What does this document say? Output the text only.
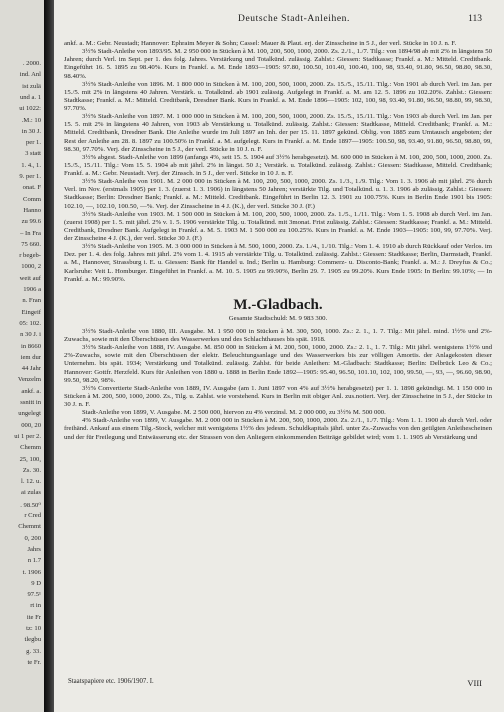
. 2000.
ind. Anl
ist zulä
und a. 1
ui 1022:
.M.: 10
in 30 J.
per 1.
3 statt
1. 4., 1.
9. per 1.
onat. F
Comm
Hanno
zu 99.6
– In Fra
75 660.
r begeb-
1000, 2
weit auf
1906 a
n. Fran
Eingeif
05: 102.
n 30 J. i
in 8660
iem dur
44 Jahr
Venzelm
ankf. a.
ssnitt in
ungelegt
000, 20
ui 1 per 2.
Chemm
25, 100,
Zs. 30.
l. 12. u.
ai zulas
. 98.50⁰
r Cred
Chemmt
0, 200
Jahrs
n 1.7
t. 1906
9 D
97.5¹
rt in
ite Fr
tz: 10
tlegbu
g. 33.
te Fr.
Deutsche Stadt-Anleihen.	113

ankf. a. M.: Gebr. Neustadt; Hannover: Ephraim Meyer & Sohn; Cassel: Mauer & Plaut. erj. der Zinsscheine in 5 J., der verl. Stücke in 10 J. n. F.

3½% Stadt-Anleihe von 1893/95. M. 2 950 000 in Stücken à M. 100, 200, 500, 1000, 2000. Zs. 2./1., 1./7. Tilg.: von 1894/98 ab mit 2% in längstens 50 Jahren; durch Verl. im Sept. per 1. des folg. Jahres. Verstärkung und Totalkünd. zulässig. Zahlst.: Giessen: Stadtkasse; Frankf. a. M.: Mitteld. Creditbank. Eingeführt 16. 5. 1895 zu 98.40%. Kurs in Frankf. a. M. Ende 1893—1905: 97.80, 100.50, 101.40, 100.40, 100, 98, 93.40, 91.80, 96.50, 98.80, 98.30, 98.40%.

3½% Stadt-Anleihe von 1896. M. 1 800 000 in Stücken à M. 100, 200, 500, 1000, 2000. Zs. 15./5., 15./11. Tilg.: Von 1901 ab durch Verl. im Jan. per 15./5. mit 2% in längstens 40 Jahren. Verstärk. u. Totalkünd. ab 1901 zulässig. Aufgelegt in Frankf. a. M. am 12. 5. 1896 zu 102.20%. Zahlst.: Giessen: Stadtkasse; Frankf. a. M.: Mitteld. Creditbank, Dresdner Bank. Kurs in Frankf. a. M. Ende 1896—1905: 102, 100, 98, 93.40, 91.80, 96.50, 98.80, 99, 98.30, 97.70%.

3½% Stadt-Anleihe von 1897. M. 1 000 000 in Stücken à M. 100, 200, 500, 1000, 2000. Zs. 15./5., 15./11. Tilg.: Von 1903 ab durch Verl. im Jan. per 15. 5. mit 2% in längstens 40 Jahren, von 1903 ab Verstärkung u. Totalkünd. zulässig. Zahlst.: Giessen: Stadtkasse, Mitteld. Creditbank; Frankf. a. M.: Mitteld. Creditbank, Dresdner Bank. Die Anleihe wurde im Juli 1897 an Inh. der per 15. 11. 1897 gekünd. Oblig. von 1885 zum Umtausch angeboten; der Rest der Anleihe am 28. 8. 1897 zu 100.50% in Frankf. a. M. aufgelegt. Kurs in Frankf. a. M. Ende 1897—1905: 100.50, 98, 93.40, 91.80, 96.50, 98.80, 99, 98.30, 97.70%. Verj. der Zinsscheine in 5 J., der verl. Stücke in 10 J. n. F.

3½% abgest. Stadt-Anleihe von 1899 (anfangs 4%, seit 15. 5. 1904 auf 3½% herabgesetzt). M. 600 000 in Stücken à M. 100, 200, 500, 1000, 2000. Zs. 15./5., 15./11. Tilg.: Vom 15. 5. 1904 ab mit jährl. 2% in längst. 50 J.; Verstärk. u. Totalkünd. zulässig. Zahlst.: Giessen: Stadtkasse, Mitteld. Creditbank; Frankf. a. M.: Gebr. Neustadt. Verj. der Zinssch. in 5 J., der verl. Stücke in 10 J. n. F.

3½% Stadt-Anleihe von 1901. M. 2 000 000 in Stücken à M. 100, 200, 500, 1000, 2000. Zs. 1./3., 1./9. Tilg.: Vom 1. 3. 1906 ab mit jährl. 2% durch Verl. im Nov. (erstmals 1905) per 1. 3. (zuerst 1. 3. 1906) in längstens 50 Jahren; verstärkte Tilg. und Totalkünd. u. 1. 3. 1906 ab zulässig. Zahlst.: Giessen: Stadtkasse; Berlin: Dresdner Bank; Frankf. a. M.: Mitteld. Creditbank. Eingeführt in Berlin 12. 3. 1901 zu 100.75%. Kurs in Berlin Ende 1901 bis 1905: 102.10, —, 102.10, 100.50, —%. Verj. der Zinsscheine in 4 J. (K.), der verl. Stücke 30 J. (F.)

3½% Stadt-Anleihe von 1903. M. 1 500 000 in Stücken à M. 100, 200, 500, 1000, 2000. Zs. 1./5., 1./11. Tilg.: Vom 1. 5. 1908 ab durch Verl. im Jan. (zuerst 1908) per 1. 5. mit jährl. 2% v. 1. 5. 1906 verstärkte Tilg. u. Totalkünd. mit 3monat. Frist zulässig. Zahlst.: Giessen: Stadtkasse; Frankf. a. M.: Mitteld. Creditbank, Dresdner Bank. Aufgelegt in Frankf. a. M. 5. 1903 M. 1 500 000 zu 100.25%. Kurs in Frankf. a. M. Ende 1903—1905: 100, 99, 97.70%. Verj. der Zinsscheine 4 J. (K.), der verl. Stücke 30 J. (F.)

3½% Stadt-Anleihe von 1905. M. 3 000 000 in Stücken à M. 500, 1000, 2000. Zs. 1./4., 1./10. Tilg.: Vom 1. 4. 1910 ab durch Rückkauf oder Verlos. im Dez. per 1. 4. des folg. Jahres mit jährl. 2% vom 1. 4. 1915 ab verstärkte Tilg. u. Totalkünd. zulässig. Zahlst.: Giessen: Stadtkasse; Berlin, Darmstadt, Frankf. a. M., Hannover, Strassburg i. E. u. Giessen: Bank für Handel u. Ind.; Berlin u. Hamburg: Commerz- u. Disconto-Bank; Frankf. a. M.: J. Dreyfus & Co.; Karlsruhe: Veit L. Homburger. Eingeführt in Frankf. a. M. 10. 5. 1905 zu 99.90%, Berlin 29. 7. 1905 zu 99.20%. Kurs Ende 1905: In Berlin: 99.10%; — In Frankf. a. M.: 99.90%.

M.-Gladbach.
Gesamte Stadtschuld: M. 9 983 300.

3½% Stadt-Anleihe von 1880, III. Ausgabe. M. 1 950 000 in Stücken à M. 300, 500, 1000. Zs.: 2. 1., 1. 7. Tilg.: Mit jährl. mind. 1½% und 2%-Zuwachs, sowie mit den Überschüssen des Wasserwerkes und des Schlachthauses bis spät. 1918.

3½% Stadt-Anleihe von 1888, IV. Ausgabe. M. 850 000 in Stücken à M. 200, 500, 1000, 2000. Zs.: 2. 1., 1. 7. Tilg.: Mit jährl. wenigstens 1½% und 2%-Zuwachs, sowie mit den Überschüssen der elektr. Beleuchtungsanlage und des Wasserwerkes bis zur völligen Amortis. der Anlagekosten dieser Unternehm. bis spät. 1934; Verstärkung und Totalkünd. zulässig. Zahlst. für beide Anleihen: M.-Gladbach: Stadtkasse; Berlin: Delbrück Leo & Co.; Hannover: Gottfr. Herzfeld. Kurs für Anleihen von 1880 u. 1888 in Berlin Ende 1892—1905: 95.40, 96.50, 101.10, 102, 100, 99.50, —, 93, —, 96.60, 98.90, 99.50, 98.20, 98%.

3½% Convertierte Stadt-Anleihe von 1889, IV. Ausgabe (am 1. Juni 1897 von 4% auf 3½% herabgesetzt) per 1. 1. 1898 gekündigt. M. 1 150 000 in Stücken à M. 200, 500, 1000, 2000. Zs., Tilg. u. Zahlst. wie vorstehend. Kurs in Berlin mit obiger Anl. zus.notiert. Verj. der Zinsscheine in 5 J., der Stücke in 30 J. n. F.

Stadt-Anleihe von 1899, V. Ausgabe. M. 2 500 000, hiervon zu 4% verzinsl. M. 2 000 000, zu 3½% M. 500 000.

4% Stadt-Anleihe von 1899, V. Ausgabe. M. 2 000 000 in Stücken à M. 200, 500, 1000, 2000. Zs. 2./1., 1./7. Tilg.: Vom 1. 1. 1900 ab durch Verl. oder freihänd. Ankauf aus einem Tilg.-Stock, welcher mit wenigstens 1½% des jedesm. Schuldkapitals jährl. unter Zs.-Zuwachs von den getilgten Anleihescheinen und der für Freilegung und Entwässerung etc. der Strassen von den Anliegern einkommenden Beiträge gebildet wird; vom 1. 1. 1905 ab Verstärkung und

Staatspapiere etc. 1906/1907. I.	VIII
